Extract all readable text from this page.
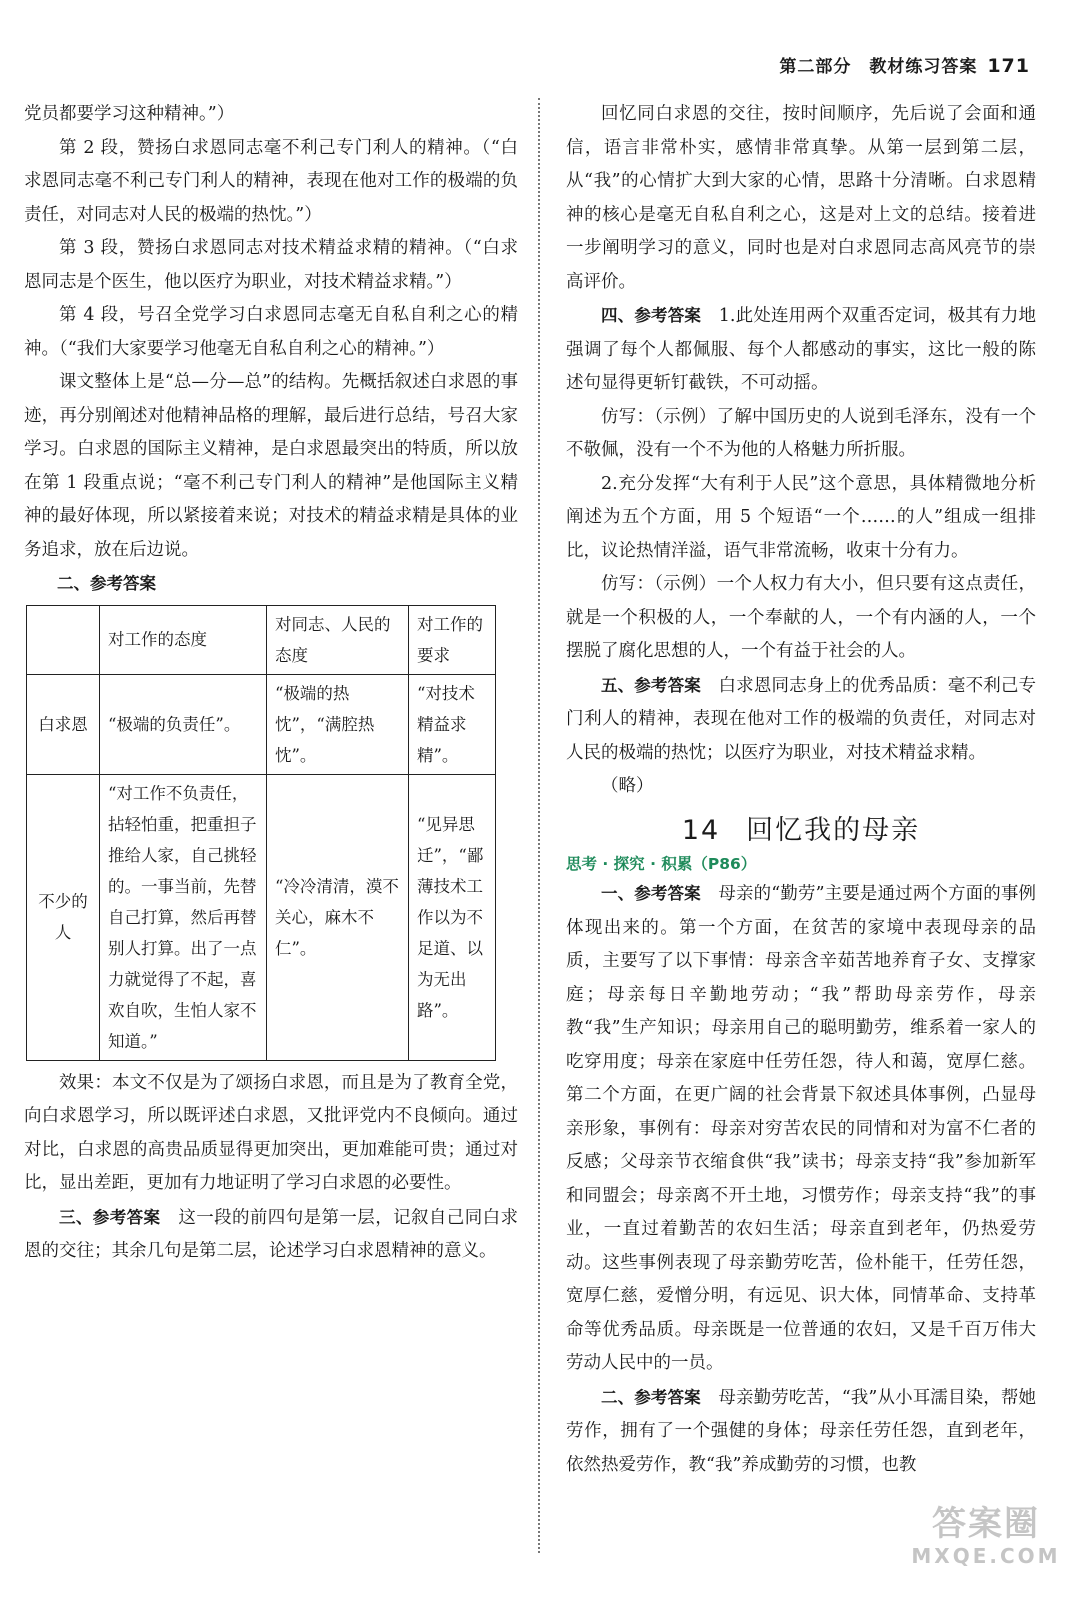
第二部分　教材练习答案 171

党员都要学习这种精神。”）

第 2 段，赞扬白求恩同志毫不利己专门利人的精神。（“白求恩同志毫不利己专门利人的精神，表现在他对工作的极端的负责任，对同志对人民的极端的热忱。”）

第 3 段，赞扬白求恩同志对技术精益求精的精神。（“白求恩同志是个医生，他以医疗为职业，对技术精益求精。”）

第 4 段，号召全党学习白求恩同志毫无自私自利之心的精神。（“我们大家要学习他毫无自私自利之心的精神。”）

课文整体上是“总—分—总”的结构。先概括叙述白求恩的事迹，再分别阐述对他精神品格的理解，最后进行总结，号召大家学习。白求恩的国际主义精神，是白求恩最突出的特质，所以放在第 1 段重点说；“毫不利己专门利人的精神”是他国际主义精神的最好体现，所以紧接着来说；对技术的精益求精是具体的业务追求，放在后边说。

二、参考答案

	对工作的态度	对同志、人民的态度	对工作的要求
白求恩	“极端的负责任”。	“极端的热忱”，“满腔热忱”。	“对技术精益求精”。
不少的人	“对工作不负责任，拈轻怕重，把重担子推给人家，自己挑轻的。一事当前，先替自己打算，然后再替别人打算。出了一点力就觉得了不起，喜欢自吹，生怕人家不知道。”	“冷冷清清，漠不关心，麻木不仁”。	“见异思迁”，“鄙薄技术工作以为不足道、以为无出路”。

效果：本文不仅是为了颂扬白求恩，而且是为了教育全党，向白求恩学习，所以既评述白求恩，又批评党内不良倾向。通过对比，白求恩的高贵品质显得更加突出，更加难能可贵；通过对比，显出差距，更加有力地证明了学习白求恩的必要性。

三、参考答案　 这一段的前四句是第一层，记叙自己同白求恩的交往；其余几句是第二层，论述学习白求恩精神的意义。

回忆同白求恩的交往，按时间顺序，先后说了会面和通信，语言非常朴实，感情非常真挚。从第一层到第二层，从“我”的心情扩大到大家的心情，思路十分清晰。白求恩精神的核心是毫无自私自利之心，这是对上文的总结。接着进一步阐明学习的意义，同时也是对白求恩同志高风亮节的崇高评价。

四、参考答案　 1.此处连用两个双重否定词，极其有力地强调了每个人都佩服、每个人都感动的事实，这比一般的陈述句显得更斩钉截铁，不可动摇。

仿写：（示例）了解中国历史的人说到毛泽东，没有一个不敬佩，没有一个不为他的人格魅力所折服。

2.充分发挥“大有利于人民”这个意思，具体精微地分析阐述为五个方面，用 5 个短语“一个……的人”组成一组排比，议论热情洋溢，语气非常流畅，收束十分有力。

仿写：（示例）一个人权力有大小，但只要有这点责任，就是一个积极的人，一个奉献的人，一个有内涵的人，一个摆脱了腐化思想的人，一个有益于社会的人。

五、参考答案　 白求恩同志身上的优秀品质：毫不利己专门利人的精神，表现在他对工作的极端的负责任，对同志对人民的极端的热忱；以医疗为职业，对技术精益求精。

（略）

14 回忆我的母亲
思考 · 探究 · 积累（P86）

一、参考答案　 母亲的“勤劳”主要是通过两个方面的事例体现出来的。第一个方面，在贫苦的家境中表现母亲的品质，主要写了以下事情：母亲含辛茹苦地养育子女、支撑家庭；母亲每日辛勤地劳动；“我”帮助母亲劳作，母亲教“我”生产知识；母亲用自己的聪明勤劳，维系着一家人的吃穿用度；母亲在家庭中任劳任怨，待人和蔼，宽厚仁慈。第二个方面，在更广阔的社会背景下叙述具体事例，凸显母亲形象，事例有：母亲对穷苦农民的同情和对为富不仁者的反感；父母亲节衣缩食供“我”读书；母亲支持“我”参加新军和同盟会；母亲离不开土地，习惯劳作；母亲支持“我”的事业，一直过着勤苦的农妇生活；母亲直到老年，仍热爱劳动。这些事例表现了母亲勤劳吃苦，俭朴能干，任劳任怨，宽厚仁慈，爱憎分明，有远见、识大体，同情革命、支持革命等优秀品质。母亲既是一位普通的农妇，又是千百万伟大劳动人民中的一员。

二、参考答案　 母亲勤劳吃苦，“我”从小耳濡目染，帮她劳作，拥有了一个强健的身体；母亲任劳任怨，直到老年，依然热爱劳作，教“我”养成勤劳的习惯，也教

答案圈
MXQE.COM
